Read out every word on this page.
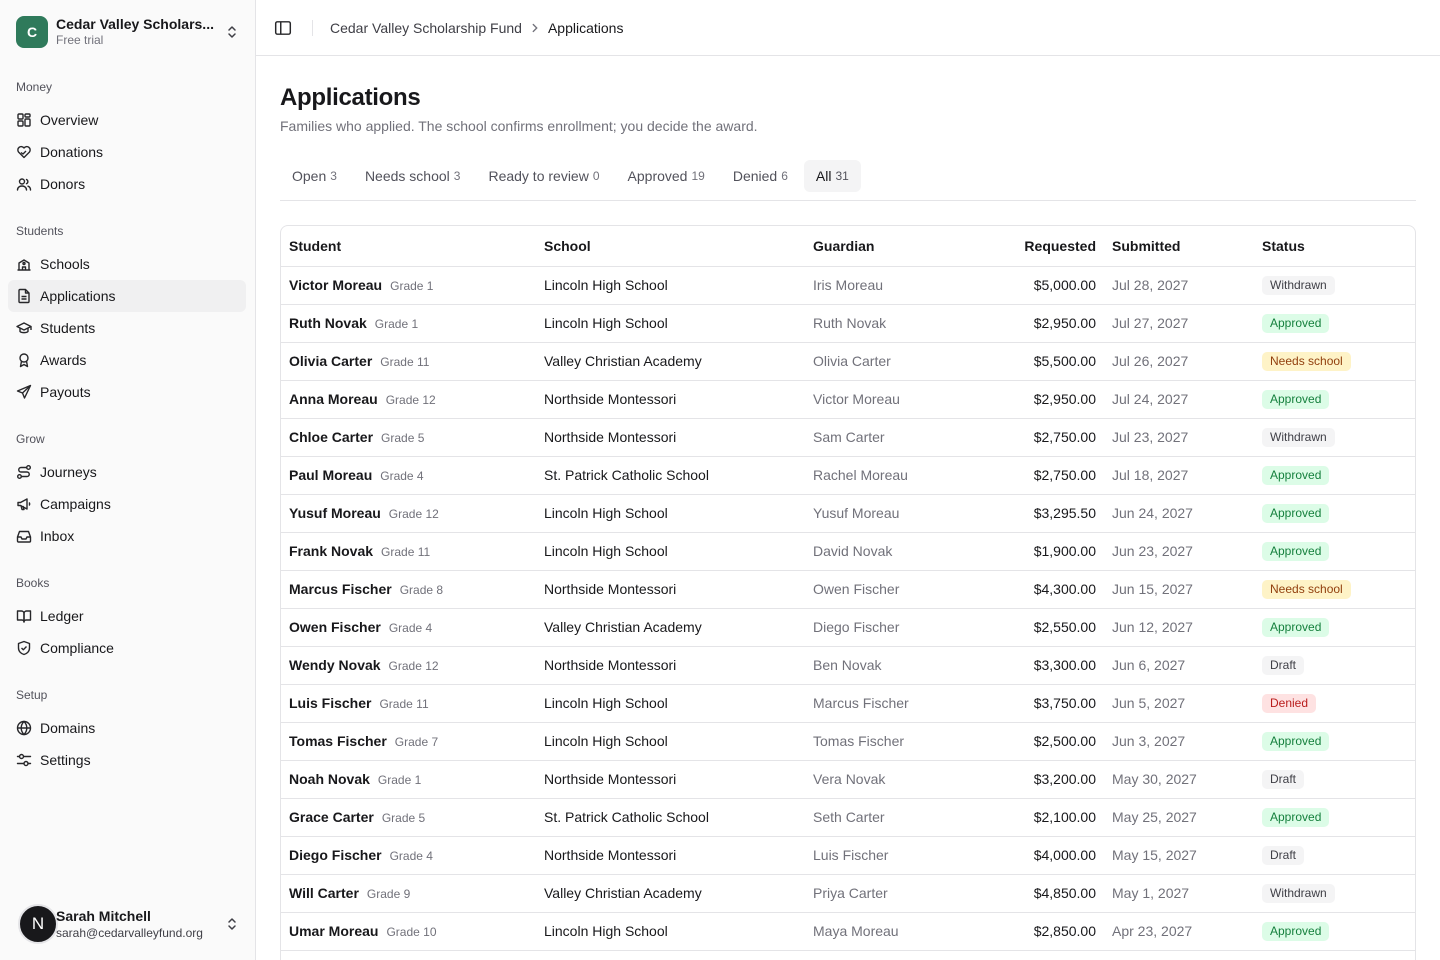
C	Cedar Valley Scholars...
Free trial
Money
Overview
Donations
Donors
Students
Schools
Applications
Students
Awards
Payouts
Grow
Journeys
Campaigns
Inbox
Books
Ledger
Compliance
Setup
Domains
Settings
N Sarah Mitchell
sarah@cedarvalleyfund.org
Cedar Valley Scholarship Fund Applications
Applications

Families who applied. The school confirms enrollment; you decide the award.

Open 3 Needs school 3 Ready to review 0 Approved 19 Denied 6 All 31
Student	School	Guardian	Requested	Submitted	Status
Victor Moreau Grade 1	Lincoln High School	Iris Moreau	$5,000.00	Jul 28, 2027	Withdrawn
Ruth Novak Grade 1	Lincoln High School	Ruth Novak	$2,950.00	Jul 27, 2027	Approved
Olivia Carter Grade 11	Valley Christian Academy	Olivia Carter	$5,500.00	Jul 26, 2027	Needs school
Anna Moreau Grade 12	Northside Montessori	Victor Moreau	$2,950.00	Jul 24, 2027	Approved
Chloe Carter Grade 5	Northside Montessori	Sam Carter	$2,750.00	Jul 23, 2027	Withdrawn
Paul Moreau Grade 4	St. Patrick Catholic School	Rachel Moreau	$2,750.00	Jul 18, 2027	Approved
Yusuf Moreau Grade 12	Lincoln High School	Yusuf Moreau	$3,295.50	Jun 24, 2027	Approved
Frank Novak Grade 11	Lincoln High School	David Novak	$1,900.00	Jun 23, 2027	Approved
Marcus Fischer Grade 8	Northside Montessori	Owen Fischer	$4,300.00	Jun 15, 2027	Needs school
Owen Fischer Grade 4	Valley Christian Academy	Diego Fischer	$2,550.00	Jun 12, 2027	Approved
Wendy Novak Grade 12	Northside Montessori	Ben Novak	$3,300.00	Jun 6, 2027	Draft
Luis Fischer Grade 11	Lincoln High School	Marcus Fischer	$3,750.00	Jun 5, 2027	Denied
Tomas Fischer Grade 7	Lincoln High School	Tomas Fischer	$2,500.00	Jun 3, 2027	Approved
Noah Novak Grade 1	Northside Montessori	Vera Novak	$3,200.00	May 30, 2027	Draft
Grace Carter Grade 5	St. Patrick Catholic School	Seth Carter	$2,100.00	May 25, 2027	Approved
Diego Fischer Grade 4	Northside Montessori	Luis Fischer	$4,000.00	May 15, 2027	Draft
Will Carter Grade 9	Valley Christian Academy	Priya Carter	$4,850.00	May 1, 2027	Withdrawn
Umar Moreau Grade 10	Lincoln High School	Maya Moreau	$2,850.00	Apr 23, 2027	Approved
